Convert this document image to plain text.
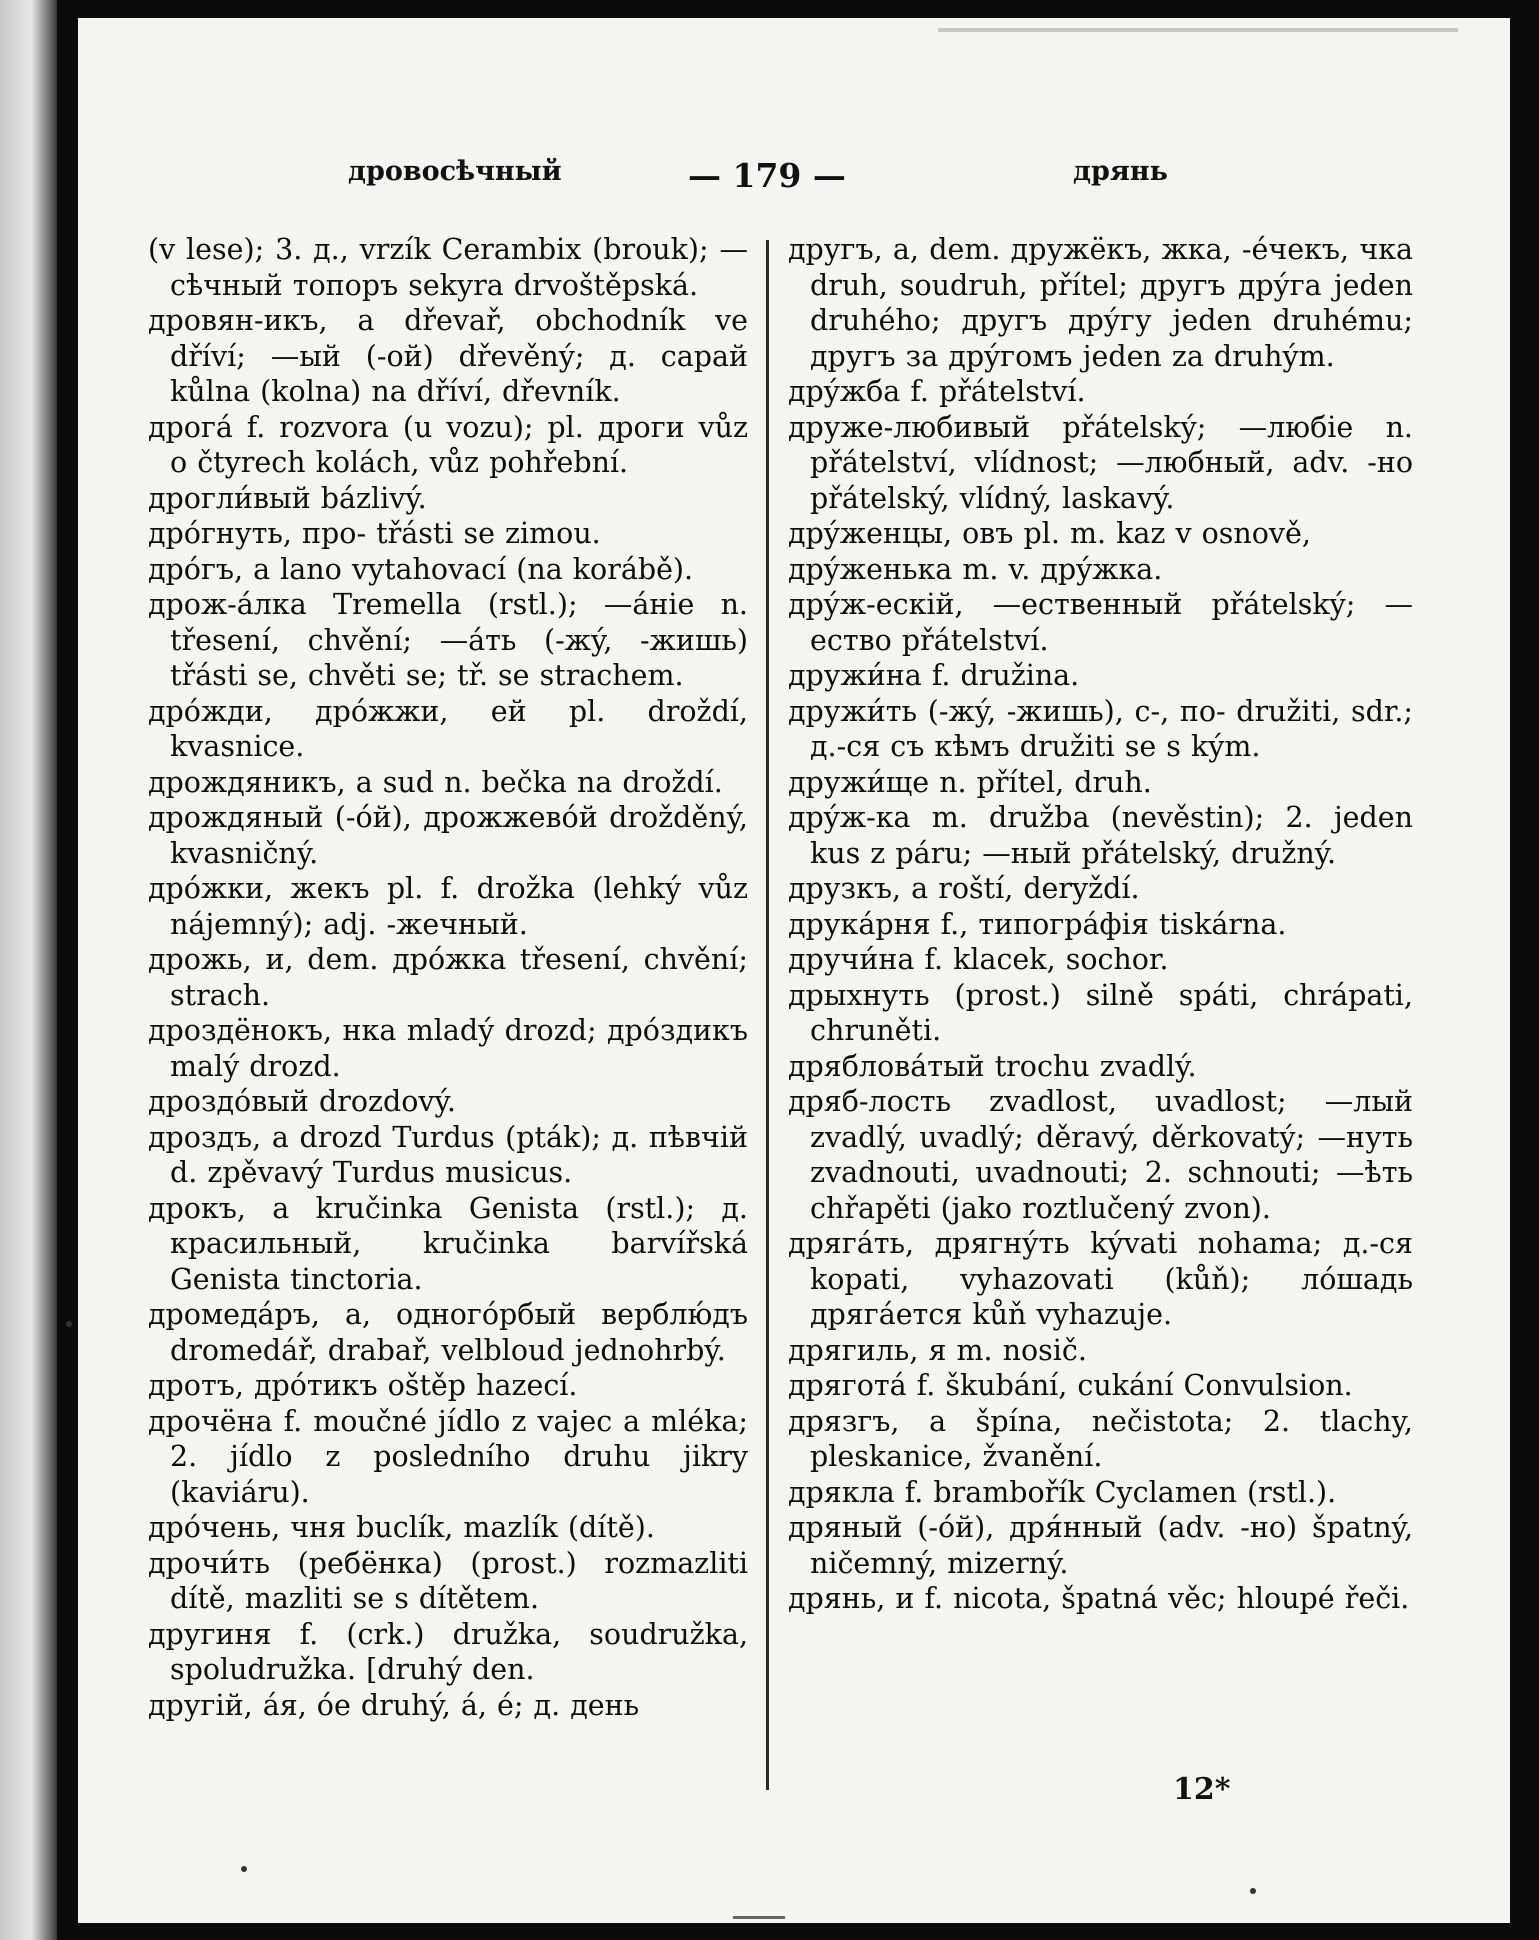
дровосѣчный	— 179 —	дрянь
(v lese); 3. д., vrzík Cerambix (brouk); —сѣчный топоръ sekyra drvoštěpská.
дровян-икъ, a dřevař, obchodník ve dříví; —ый (-ой) dřevěný; д. сарай kůlna (kolna) na dříví, dřevník.
дрогá f. rozvora (u vozu); pl. дроги vůz o čtyrech kolách, vůz pohřební.
дрогли́вый bázlivý.
дрóгнуть, про- třásti se zimou.
дрóгъ, a lano vytahovací (na korábě).
дрож-áлка Tremella (rstl.); —áніе n. třesení, chvění; —áть (-жý, -жишь) třásti se, chvěti se; tř. se strachem.
дрóжди, дрóжжи, ей pl. droždí, kvasnice.
дрождяникъ, a sud n. bečka na droždí.
дрождяный (-óй), дрожжевóй drožděný, kvasničný.
дрóжки, жекъ pl. f. drožka (lehký vůz nájemný); adj. -жечный.
дрожь, и, dem. дрóжка třesení, chvění; strach.
дроздёнокъ, нка mladý drozd; дрóздикъ malý drozd.
дроздóвый drozdový.
дроздъ, a drozd Turdus (pták); д. пѣвчій d. zpěvavý Turdus musicus.
дрокъ, a kručinka Genista (rstl.); д. красильный, kručinka barvířská Genista tinctoria.
дромедáръ, a, одногóрбый верблю́дъ dromedář, drabař, velbloud jednohrbý.
дротъ, дрóтикъ oštěp hazecí.
дрочёна f. moučné jídlo z vajec a mléka; 2. jídlo z posledního druhu jikry (kaviáru).
дрóчень, чня buclík, mazlík (dítě).
дрочи́ть (ребёнка) (prost.) rozmazliti dítě, mazliti se s dítětem.
другиня f. (crk.) družka, soudružka, spoludružka. [druhý den.
другій, áя, óе druhý, á, é; д. день
другъ, a, dem. дружёкъ, жка, -éчекъ, чка druh, soudruh, přítel; другъ дрýга jeden druhého; другъ дрýгу jeden druhému; другъ за дрýгомъ jeden za druhým.
дрýжба f. přátelství.
друже-любивый přátelský; —любіе n. přátelství, vlídnost; —любный, adv. -но přátelský, vlídný, laskavý.
дрýженцы, овъ pl. m. kaz v osnově,
дрýженька m. v. дрýжка.
дрýж-ескій, —ественный přátelský; —ество přátelství.
дружи́на f. družina.
дружи́ть (-жý, -жишь), с-, по- družiti, sdr.; д.-ся съ кѣмъ družiti se s kým.
дружи́ще n. přítel, druh.
дрýж-ка m. družba (nevěstin); 2. jeden kus z páru; —ный přátelský, družný.
друзкъ, a roští, deryždí.
друкáрня f., типогрáфія tiskárna.
дручи́на f. klacek, sochor.
дрыхнуть (prost.) silně spáti, chrápati, chruněti.
дрябловáтый trochu zvadlý.
дряб-лость zvadlost, uvadlost; —лый zvadlý, uvadlý; děravý, děrkovatý; —нуть zvadnouti, uvadnouti; 2. schnouti; —ѣть chřapěti (jako roztlučený zvon).
дрягáть, дрягнýть kývati nohama; д.-ся kopati, vyhazovati (kůň); лóшадь дрягáется kůň vyhazuje.
дрягиль, я m. nosič.
дряготá f. škubání, cukání Convulsion.
дрязгъ, a špína, nečistota; 2. tlachy, pleskanice, žvanění.
дрякла f. brambořík Cyclamen (rstl.).
дряный (-óй), дря́нный (adv. -но) špatný, ničemný, mizerný.
дрянь, и f. nicota, špatná věc; hloupé řeči.
12*
